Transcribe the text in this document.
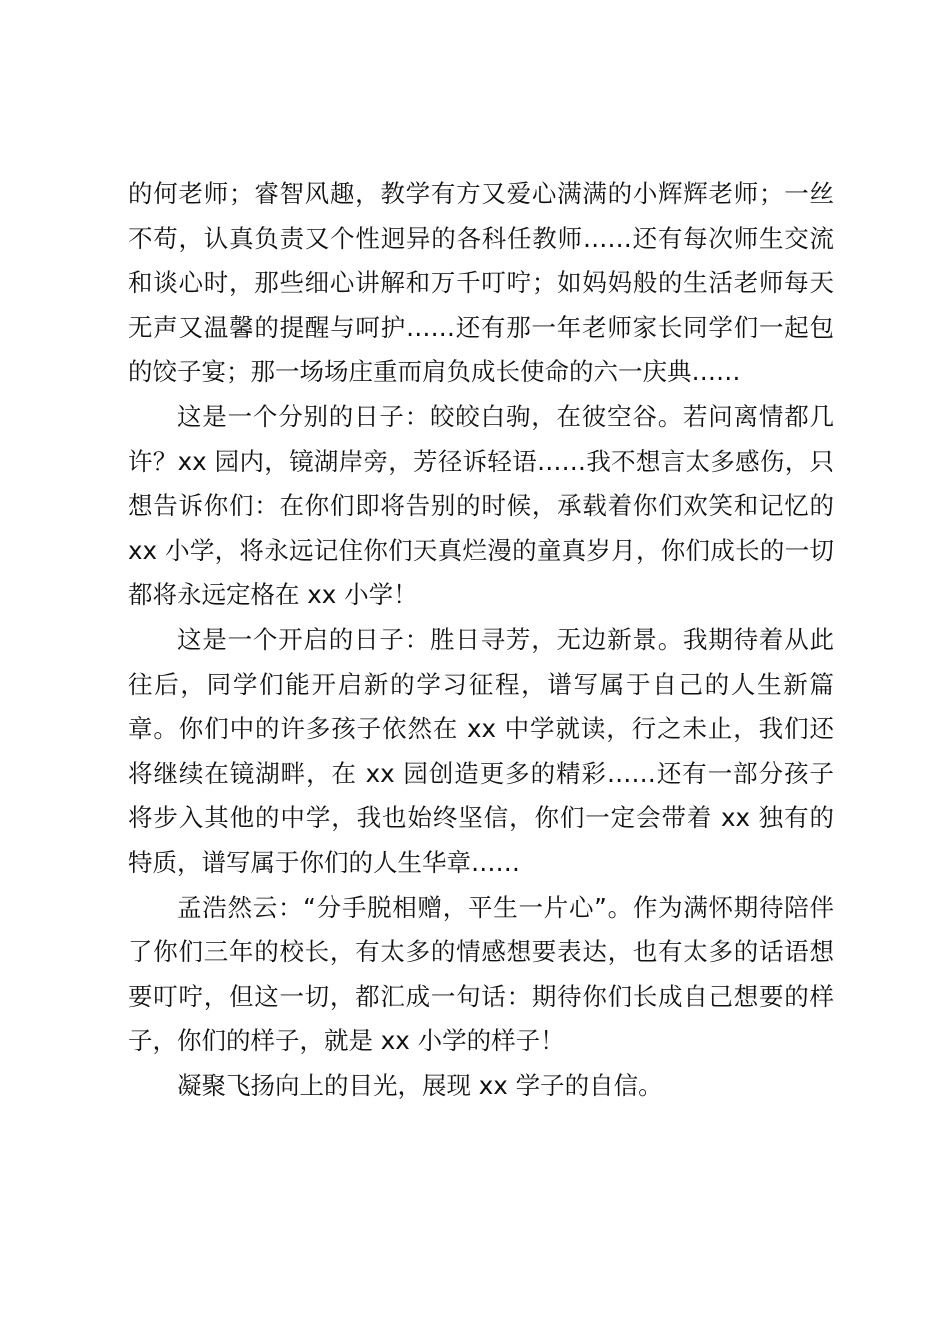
的何老师；睿智风趣，教学有方又爱心满满的小辉辉老师；一丝不苟，认真负责又个性迥异的各科任教师……还有每次师生交流和谈心时，那些细心讲解和万千叮咛；如妈妈般的生活老师每天无声又温馨的提醒与呵护……还有那一年老师家长同学们一起包的饺子宴；那一场场庄重而肩负成长使命的六一庆典……

这是一个分别的日子：皎皎白驹，在彼空谷。若问离情都几许？xx 园内，镜湖岸旁，芳径诉轻语……我不想言太多感伤，只想告诉你们：在你们即将告别的时候，承载着你们欢笑和记忆的 xx 小学，将永远记住你们天真烂漫的童真岁月，你们成长的一切都将永远定格在 xx 小学！

这是一个开启的日子：胜日寻芳，无边新景。我期待着从此往后，同学们能开启新的学习征程，谱写属于自己的人生新篇章。你们中的许多孩子依然在 xx 中学就读，行之未止，我们还将继续在镜湖畔，在 xx 园创造更多的精彩……还有一部分孩子将步入其他的中学，我也始终坚信，你们一定会带着 xx 独有的特质，谱写属于你们的人生华章……

孟浩然云：“分手脱相赠，平生一片心”。作为满怀期待陪伴了你们三年的校长，有太多的情感想要表达，也有太多的话语想要叮咛，但这一切，都汇成一句话：期待你们长成自己想要的样子，你们的样子，就是 xx 小学的样子！

凝聚飞扬向上的目光，展现 xx 学子的自信。
